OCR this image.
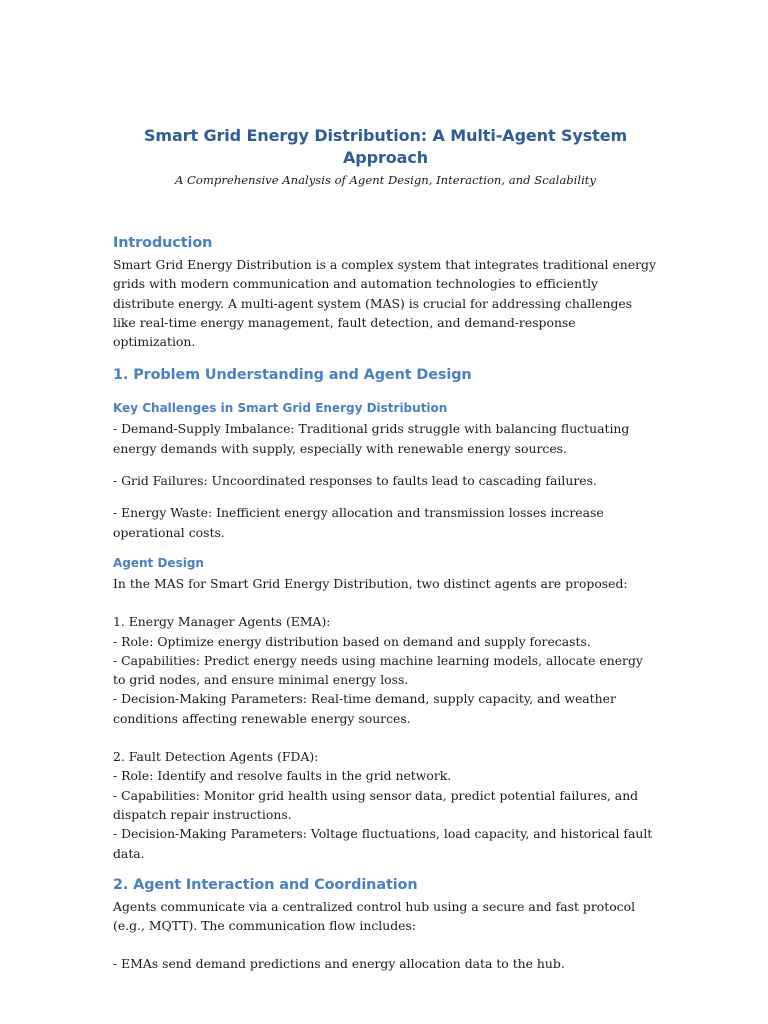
Smart Grid Energy Distribution: A Multi-Agent System Approach

A Comprehensive Analysis of Agent Design, Interaction, and Scalability

Introduction

Smart Grid Energy Distribution is a complex system that integrates traditional energy grids with modern communication and automation technologies to efficiently distribute energy. A multi-agent system (MAS) is crucial for addressing challenges like real-time energy management, fault detection, and demand-response optimization.

1. Problem Understanding and Agent Design
Key Challenges in Smart Grid Energy Distribution

- Demand-Supply Imbalance: Traditional grids struggle with balancing fluctuating energy demands with supply, especially with renewable energy sources.

- Grid Failures: Uncoordinated responses to faults lead to cascading failures.

- Energy Waste: Inefficient energy allocation and transmission losses increase operational costs.

Agent Design

In the MAS for Smart Grid Energy Distribution, two distinct agents are proposed:

1. Energy Manager Agents (EMA):

- Role: Optimize energy distribution based on demand and supply forecasts.

- Capabilities: Predict energy needs using machine learning models, allocate energy to grid nodes, and ensure minimal energy loss.

- Decision-Making Parameters: Real-time demand, supply capacity, and weather conditions affecting renewable energy sources.

2. Fault Detection Agents (FDA):

- Role: Identify and resolve faults in the grid network.

- Capabilities: Monitor grid health using sensor data, predict potential failures, and dispatch repair instructions.

- Decision-Making Parameters: Voltage fluctuations, load capacity, and historical fault data.

2. Agent Interaction and Coordination

Agents communicate via a centralized control hub using a secure and fast protocol (e.g., MQTT). The communication flow includes:

- EMAs send demand predictions and energy allocation data to the hub.
